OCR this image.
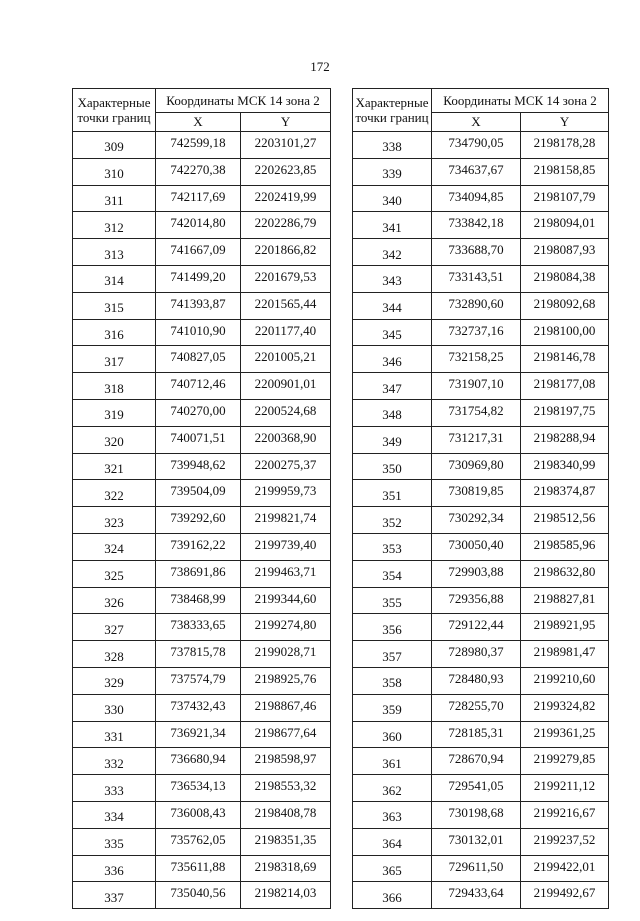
172
Характерные
точки границ	Координаты МСК 14 зона 2	
	X	Y
309	742599,18	2203101,27
310	742270,38	2202623,85
311	742117,69	2202419,99
312	742014,80	2202286,79
313	741667,09	2201866,82
314	741499,20	2201679,53
315	741393,87	2201565,44
316	741010,90	2201177,40
317	740827,05	2201005,21
318	740712,46	2200901,01
319	740270,00	2200524,68
320	740071,51	2200368,90
321	739948,62	2200275,37
322	739504,09	2199959,73
323	739292,60	2199821,74
324	739162,22	2199739,40
325	738691,86	2199463,71
326	738468,99	2199344,60
327	738333,65	2199274,80
328	737815,78	2199028,71
329	737574,79	2198925,76
330	737432,43	2198867,46
331	736921,34	2198677,64
332	736680,94	2198598,97
333	736534,13	2198553,32
334	736008,43	2198408,78
335	735762,05	2198351,35
336	735611,88	2198318,69
337	735040,56	2198214,03
Характерные
точки границ	Координаты МСК 14 зона 2	
	X	Y
338	734790,05	2198178,28
339	734637,67	2198158,85
340	734094,85	2198107,79
341	733842,18	2198094,01
342	733688,70	2198087,93
343	733143,51	2198084,38
344	732890,60	2198092,68
345	732737,16	2198100,00
346	732158,25	2198146,78
347	731907,10	2198177,08
348	731754,82	2198197,75
349	731217,31	2198288,94
350	730969,80	2198340,99
351	730819,85	2198374,87
352	730292,34	2198512,56
353	730050,40	2198585,96
354	729903,88	2198632,80
355	729356,88	2198827,81
356	729122,44	2198921,95
357	728980,37	2198981,47
358	728480,93	2199210,60
359	728255,70	2199324,82
360	728185,31	2199361,25
361	728670,94	2199279,85
362	729541,05	2199211,12
363	730198,68	2199216,67
364	730132,01	2199237,52
365	729611,50	2199422,01
366	729433,64	2199492,67
